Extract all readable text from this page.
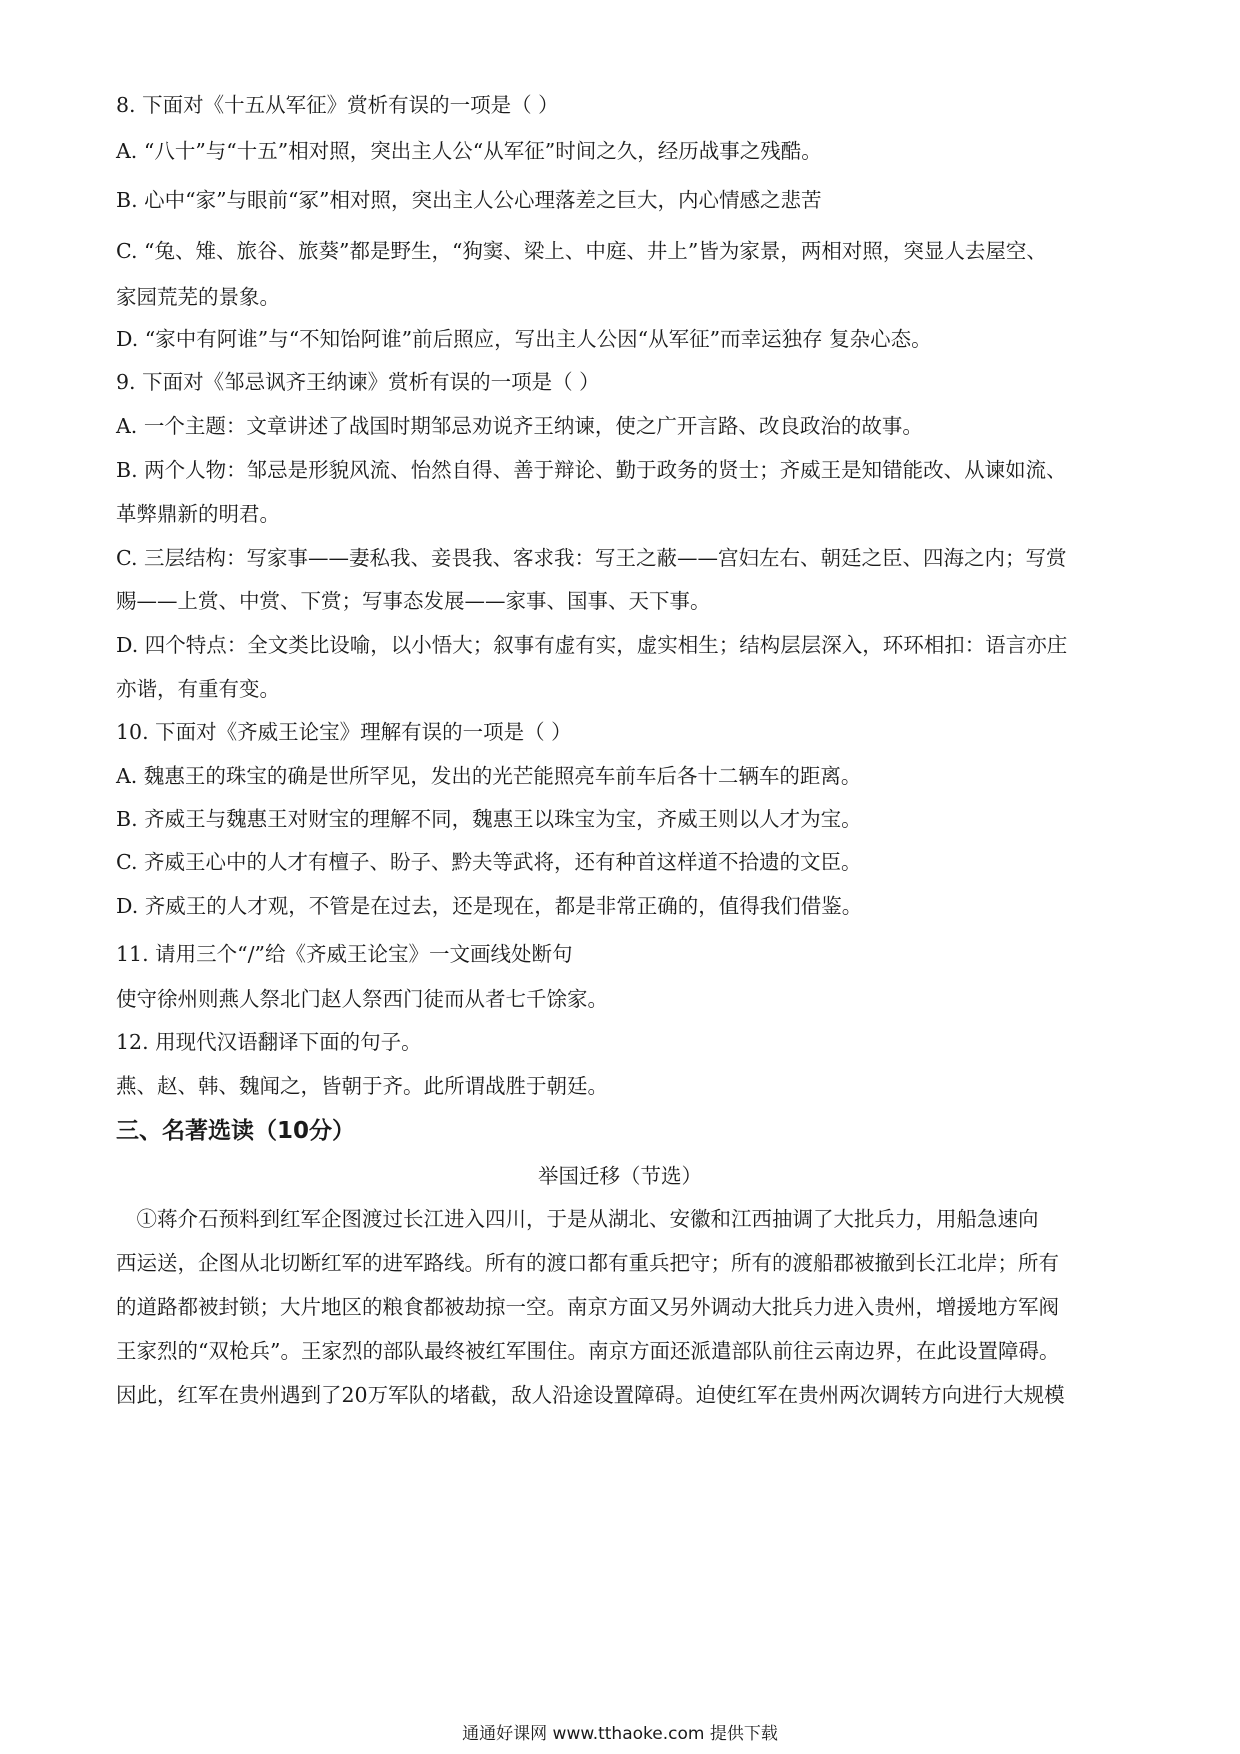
8. 下面对《十五从军征》赏析有误的一项是（ ）
A. “八十”与“十五”相对照，突出主人公“从军征”时间之久，经历战事之残酷。
B. 心中“家”与眼前“冢”相对照，突出主人公心理落差之巨大，内心情感之悲苦
C. “兔、雉、旅谷、旅葵”都是野生，“狗窦、梁上、中庭、井上”皆为家景，两相对照，突显人去屋空、
家园荒芜的景象。
D. “家中有阿谁”与“不知饴阿谁”前后照应，写出主人公因“从军征”而幸运独存 复杂心态。
9. 下面对《邹忌讽齐王纳谏》赏析有误的一项是（ ）
A. 一个主题：文章讲述了战国时期邹忌劝说齐王纳谏，使之广开言路、改良政治的故事。
B. 两个人物：邹忌是形貌风流、怡然自得、善于辩论、勤于政务的贤士；齐威王是知错能改、从谏如流、
革弊鼎新的明君。
C. 三层结构：写家事——妻私我、妾畏我、客求我：写王之蔽——宫妇左右、朝廷之臣、四海之内；写赏
赐——上赏、中赏、下赏；写事态发展——家事、国事、天下事。
D. 四个特点：全文类比设喻，以小悟大；叙事有虚有实，虚实相生；结构层层深入，环环相扣：语言亦庄
亦谐，有重有变。
10. 下面对《齐威王论宝》理解有误的一项是（ ）
A. 魏惠王的珠宝的确是世所罕见，发出的光芒能照亮车前车后各十二辆车的距离。
B. 齐威王与魏惠王对财宝的理解不同，魏惠王以珠宝为宝，齐威王则以人才为宝。
C. 齐威王心中的人才有檀子、盼子、黔夫等武将，还有种首这样道不拾遗的文臣。
D. 齐威王的人才观，不管是在过去，还是现在，都是非常正确的，值得我们借鉴。
11. 请用三个“/”给《齐威王论宝》一文画线处断句
使守徐州则燕人祭北门赵人祭西门徒而从者七千馀家。
12. 用现代汉语翻译下面的句子。
燕、赵、韩、魏闻之，皆朝于齐。此所谓战胜于朝廷。
三、名著选读（10分）
举国迁移（节选）
　①蒋介石预料到红军企图渡过长江进入四川，于是从湖北、安徽和江西抽调了大批兵力，用船急速向
西运送，企图从北切断红军的进军路线。所有的渡口都有重兵把守；所有的渡船郡被撤到长江北岸；所有
的道路都被封锁；大片地区的粮食都被劫掠一空。南京方面又另外调动大批兵力进入贵州，增援地方军阀
王家烈的“双枪兵”。王家烈的部队最终被红军围住。南京方面还派遣部队前往云南边界，在此设置障碍。
因此，红军在贵州遇到了20万军队的堵截，敌人沿途设置障碍。迫使红军在贵州两次调转方向进行大规模
通通好课网 www.tthaoke.com 提供下载
